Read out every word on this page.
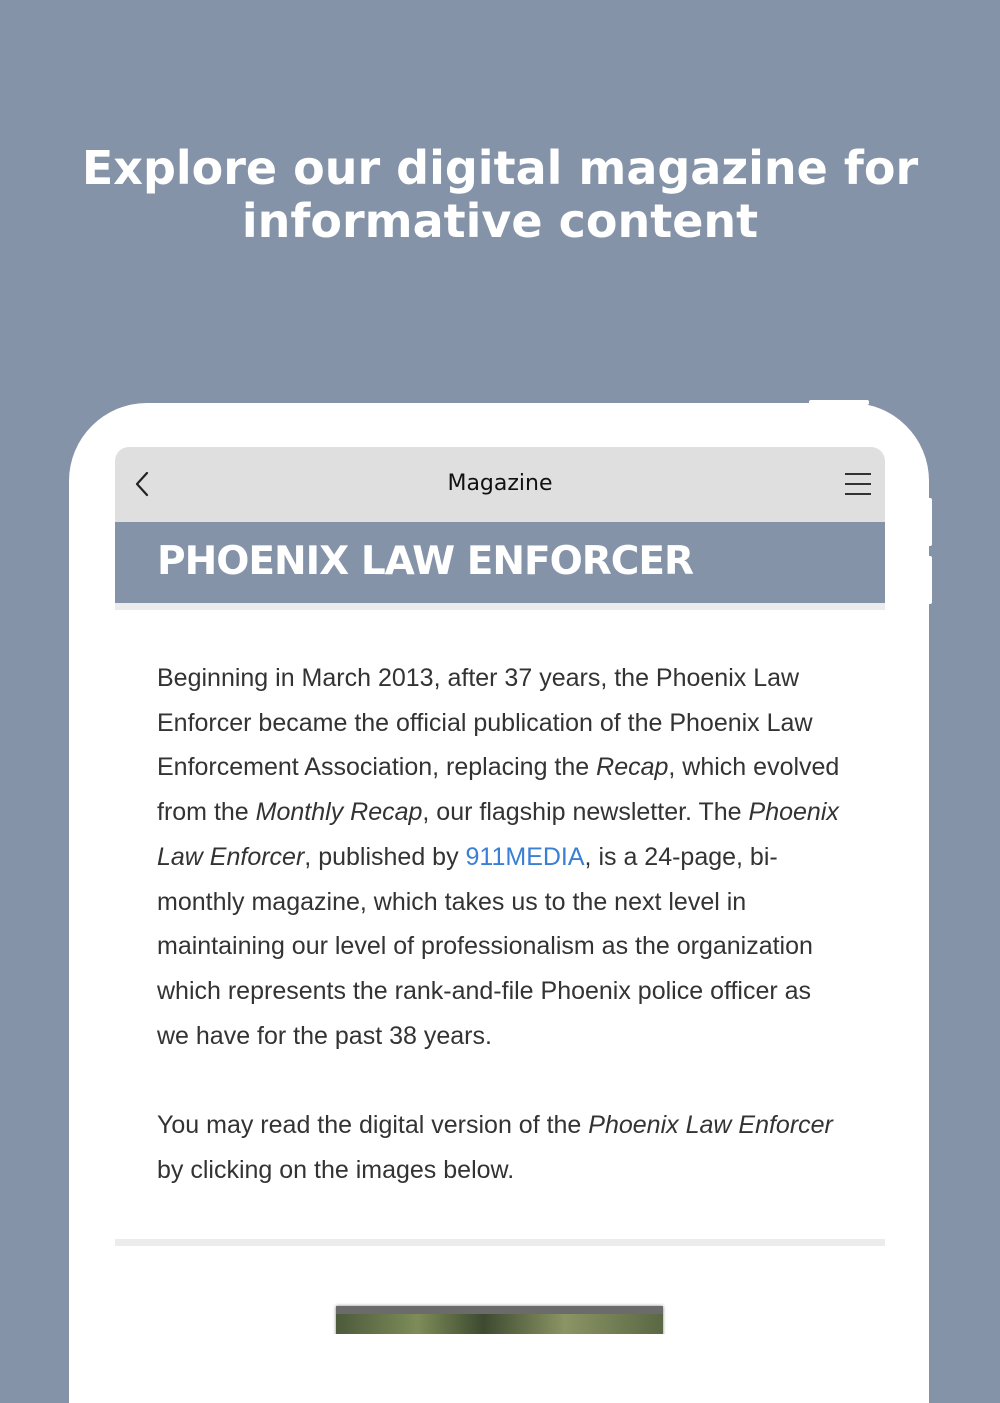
Explore our digital magazine for
informative content
Magazine
PHOENIX LAW ENFORCER

Beginning in March 2013, after 37 years, the Phoenix Law Enforcer became the official publication of the Phoenix Law Enforcement Association, replacing the Recap, which evolved from the Monthly Recap, our flagship newsletter. The Phoenix Law Enforcer, published by 911MEDIA, is a 24-page, bi-monthly magazine, which takes us to the next level in maintaining our level of professionalism as the organization which represents the rank-and-file Phoenix police officer as we have for the past 38 years.

You may read the digital version of the Phoenix Law Enforcer by clicking on the images below.
